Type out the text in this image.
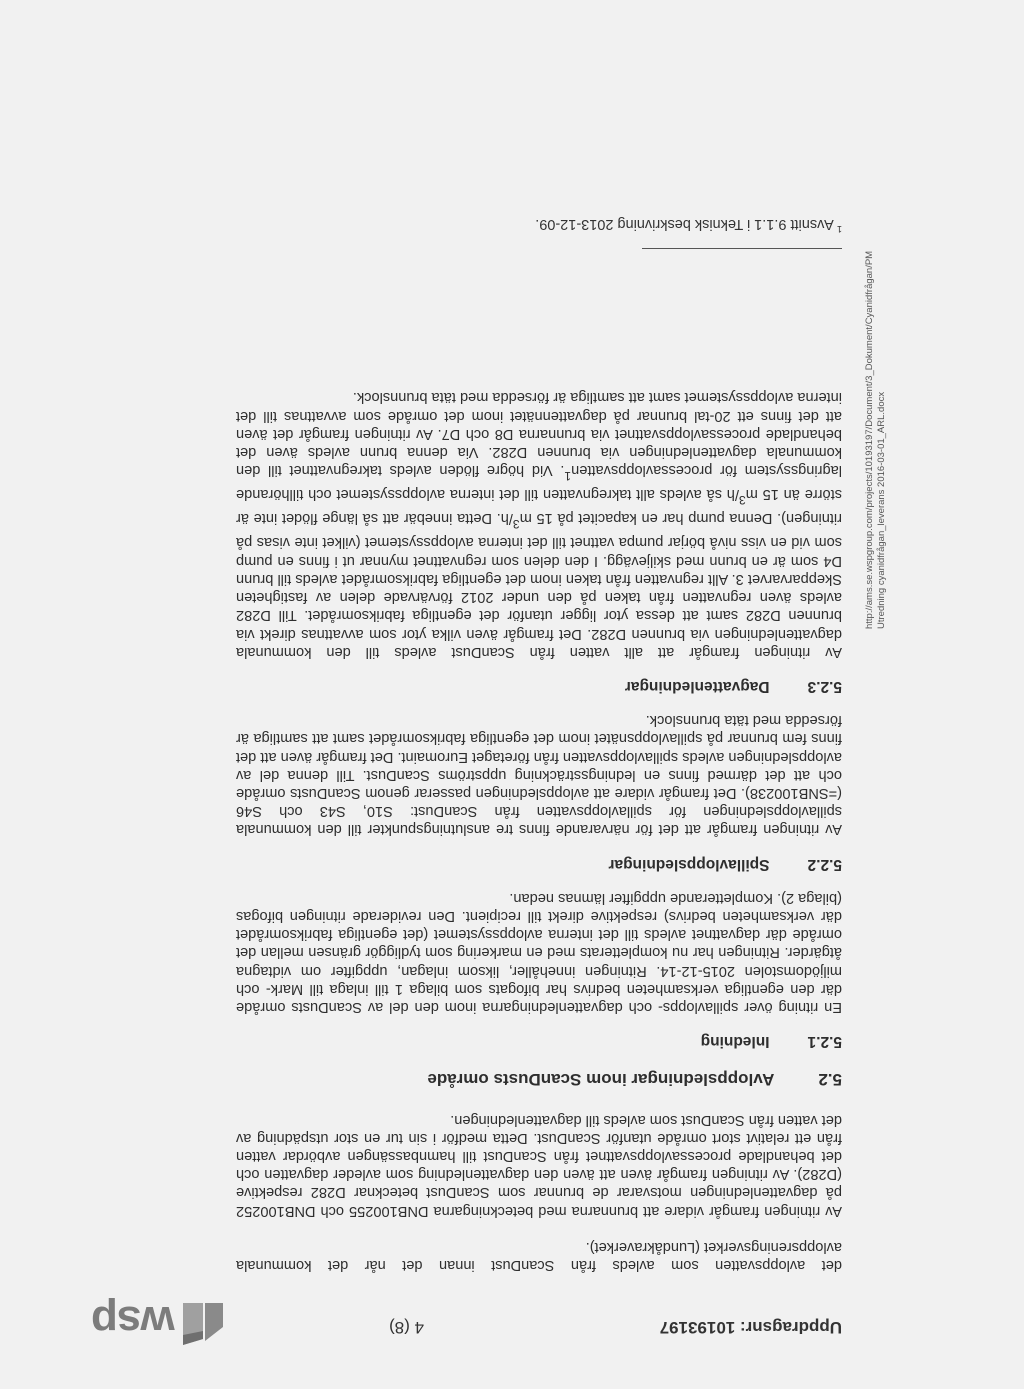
Uppdragsnr: 10193197
4 (8)
wsp

det avloppsvatten som avleds från ScanDust innan det når det kommunala avloppsreningsverket (Lundåkraverket).

Av ritningen framgår vidare att brunnarna med beteckningarna DNB100255 och DNB100252 på dagvattenledningen motsvarar de brunnar som ScanDust betecknar D282 respektive (D282). Av ritningen framgår även att även den dagvattenledning som avleder dagvatten och det behandlade processavloppsvattnet från ScanDust till hamnbassängen avbördar vatten från ett relativt stort område utanför ScanDust. Detta medför i sin tur en stor utspädning av det vatten från ScanDust som avleds till dagvattenledningen.

5.2
Avloppsledningar inom ScanDusts område
5.2.1
Inledning

En ritning över spillavlopps- och dagvattenledningarna inom den del av ScanDusts område där den egentliga verksamheten bedrivs har bifogats som bilaga 1 till inlaga till Mark- och miljödomstolen 2015-12-14. Ritningen innehåller, liksom inlagan, uppgifter om vidtagna åtgärder. Ritningen har nu kompletterats med en markering som tydliggör gränsen mellan det område där dagvattnet avleds till det interna avloppssystemet (det egentliga fabriksområdet där verksamheten bedrivs) respektive direkt till recipient. Den reviderade ritningen bifogas (bilaga 2). Kompletterande uppgifter lämnas nedan.

5.2.2
Spillavloppsledningar

Av ritningen framgår att det för närvarande finns tre anslutningspunkter till den kommunala spillavloppsledningen för spillavloppsvatten från ScanDust: S10, S43 och S46 (=SNB100238). Det framgår vidare att avloppsledningen passerar genom ScanDusts område och att det därmed finns en ledningssträckning uppströms ScanDust. Till denna del av avloppsledningen avleds spillavloppsvatten från företaget Euromaint. Det framgår även att det finns fem brunnar på spillavloppsnätet inom det egentliga fabriksområdet samt att samtliga är försedda med täta brunnslock.

5.2.3
Dagvattenledningar

Av ritningen framgår att allt vatten från ScanDust avleds till den kommunala dagvattenledningen via brunnen D282. Det framgår även vilka ytor som avvattnas direkt via brunnen D282 samt att dessa ytor ligger utanför det egentliga fabriksområdet. Till D282 avleds även regnvatten från taken på den under 2012 förvärvade delen av fastigheten Skepparvarvet 3. Allt regnvatten från taken inom det egentliga fabriksområdet avleds till brunn D4 som är en brunn med skiljevägg. I den delen som regnvattnet mynnar ut i finns en pump som vid en viss nivå börjar pumpa vattnet till det interna avloppssystemet (vilket inte visas på ritningen). Denna pump har en kapacitet på 15 $m^3/h$. Detta innebär att så länge flödet inte är större än 15 $m^3/h$ så avleds allt takregnvatten till det interna avloppssystemet och tillhörande lagringssystem för processavloppsvatten$^1$. Vid högre flöden avleds takregnvattnet till den kommunala dagvattenledningen via brunnen D282. Via denna brunn avleds även det behandlade processavloppsvattnet via brunnarna D8 och D7. Av ritningen framgår det även att det finns ett 20-tal brunnar på dagvattennätet inom det område som avvattnas till det interna avloppssystemet samt att samtliga är försedda med täta brunnslock.

$^1$ Avsnitt 9.1.1 i Teknisk beskrivning 2013-12-09.
http://ams.se.wspgroup.com/projects/10193197/Document/3_Dokument/Cyanidfrågan/PM Utredning cyanidfrågan_leverans 2016-03-01_ARL.docx
